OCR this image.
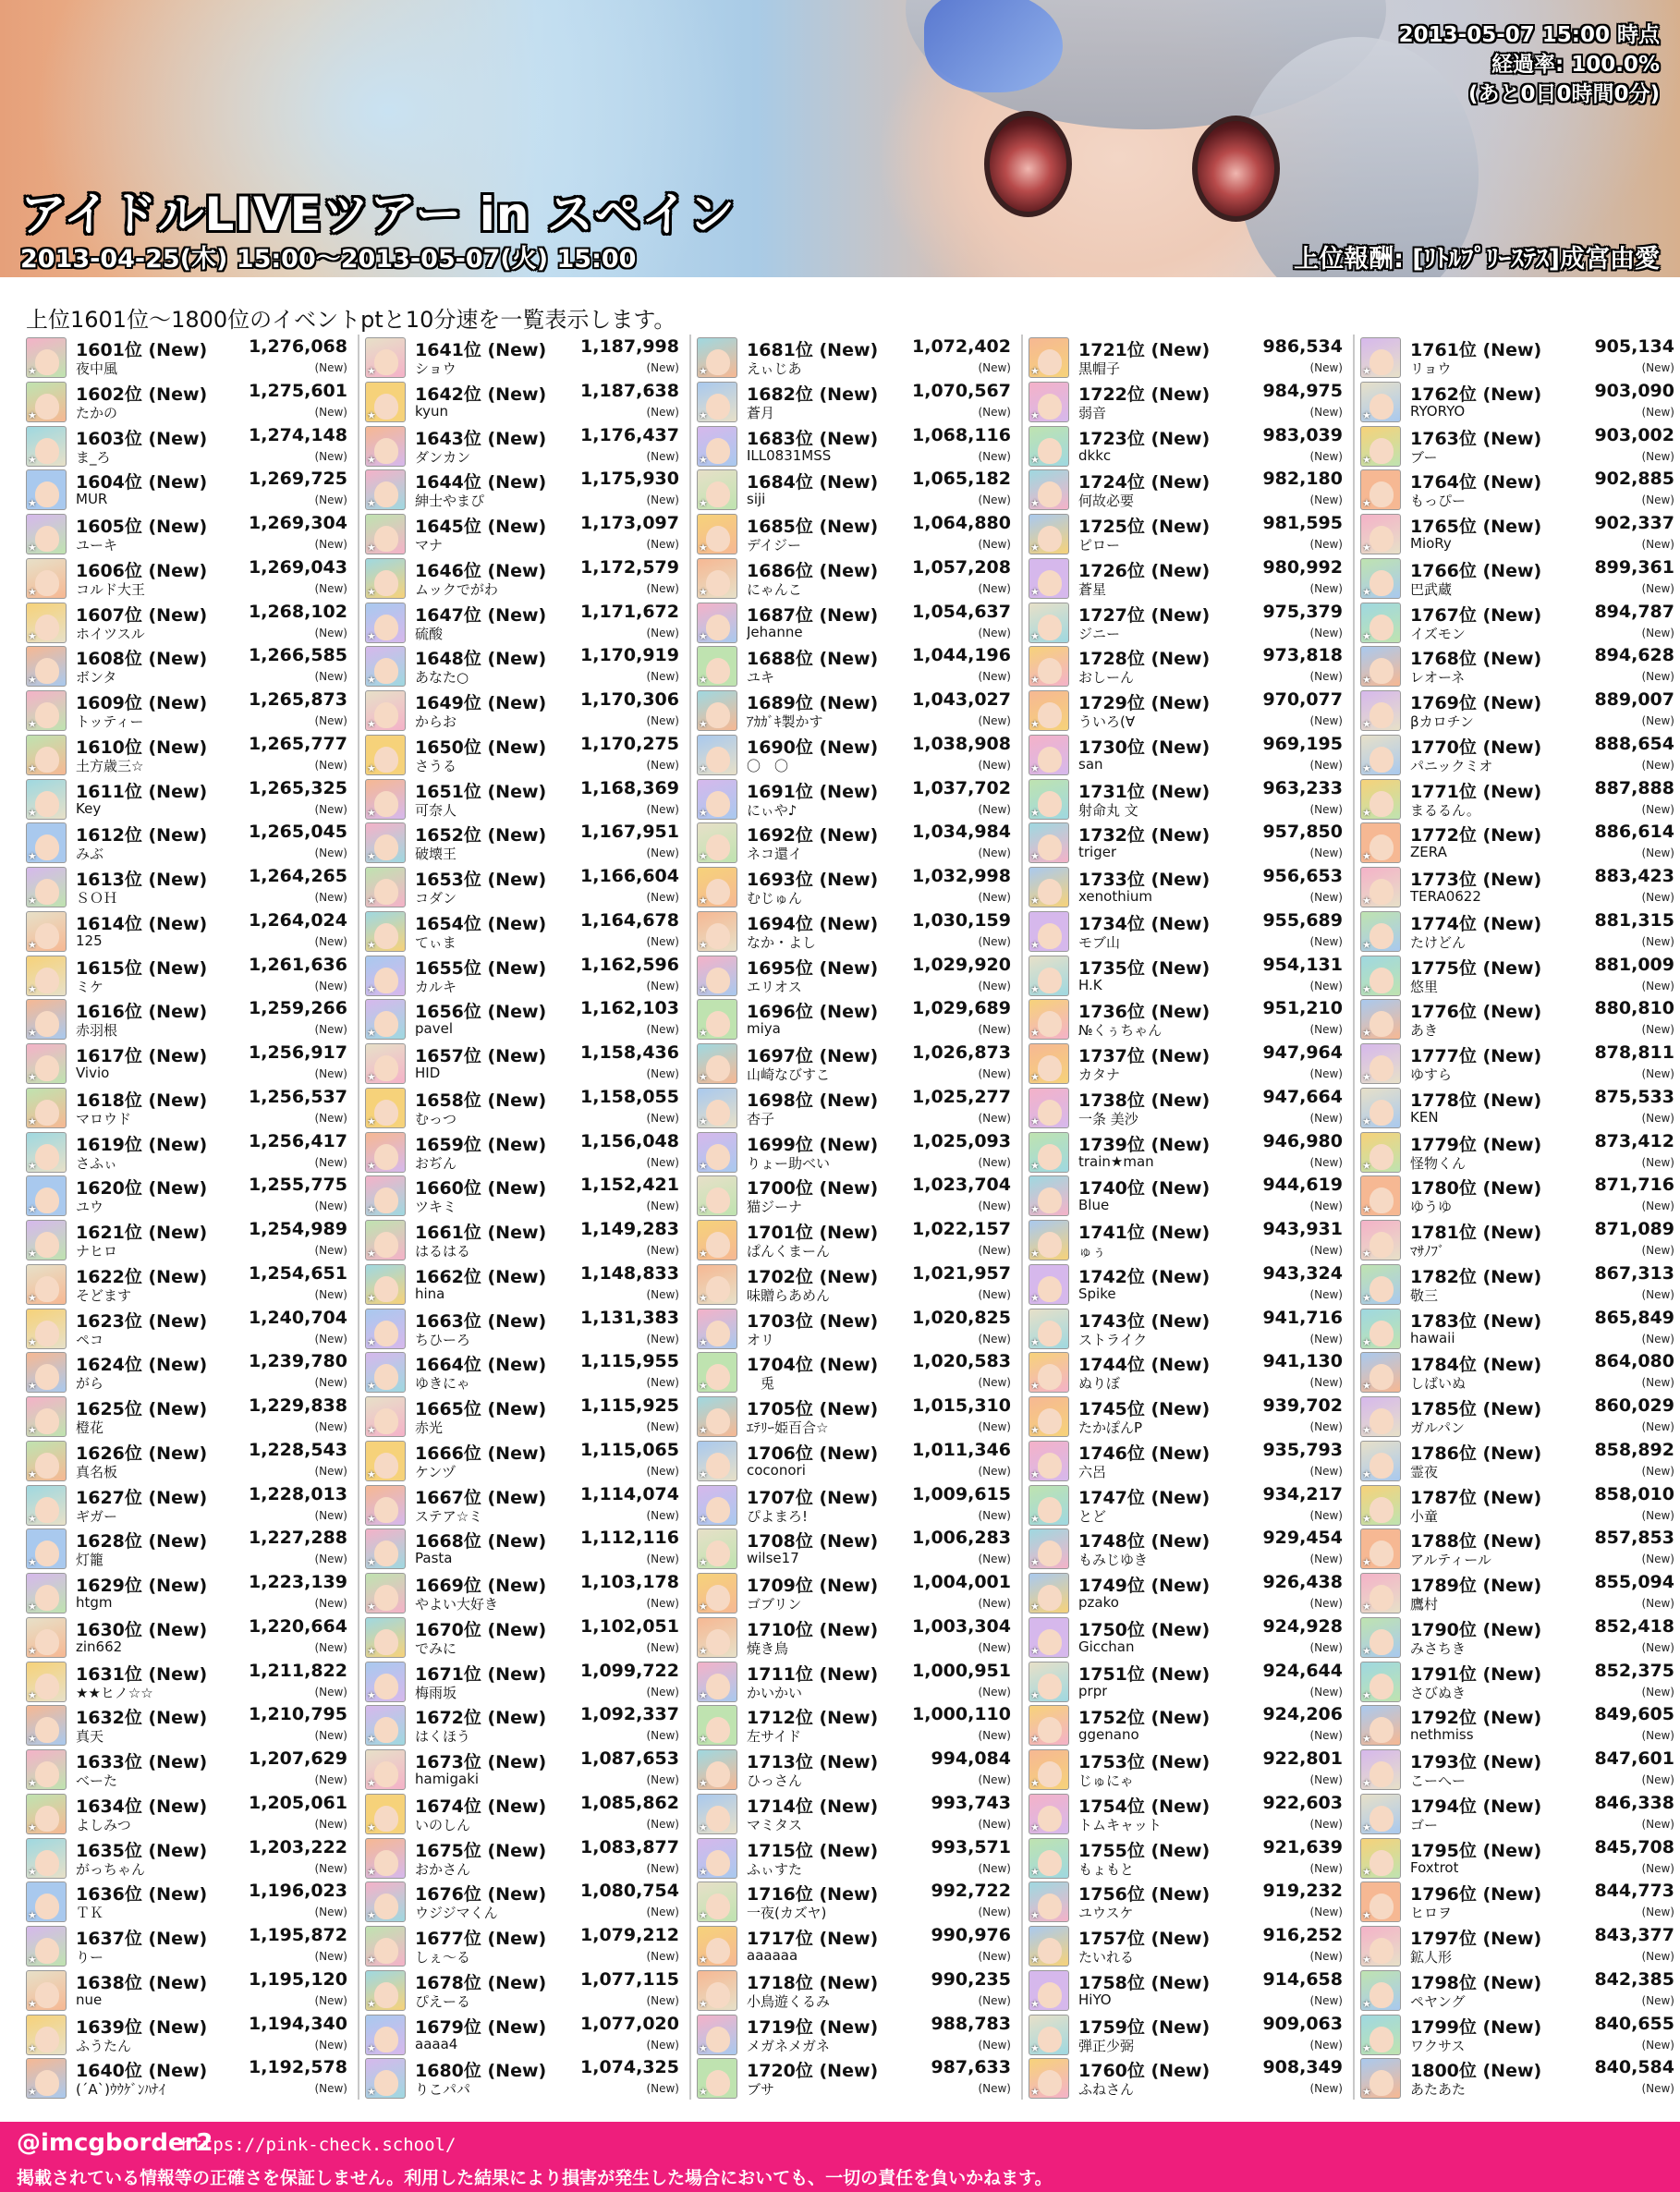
2013-05-07 15:00 時点
経過率: 100.0%
(あと0日0時間0分)
アイドルLIVEツアー in スペイン
2013-04-25(木) 15:00～2013-05-07(火) 15:00	上位報酬: [ﾘﾄﾙﾌﾟﾘｰｽﾃｽ]成宮由愛
上位1601位～1800位のイベントptと10分速を一覧表示します。
★
1601位 (New) 1,276,068
夜中風	(New)
★
1602位 (New) 1,275,601
たかの	(New)
★
1603位 (New) 1,274,148
ま_ろ	(New)
★
1604位 (New) 1,269,725
MUR	(New)
★
1605位 (New) 1,269,304
ユーキ	(New)
★
1606位 (New) 1,269,043
コルド大王	(New)
★
1607位 (New) 1,268,102
ホイツスル	(New)
★
1608位 (New) 1,266,585
ボンタ	(New)
★
1609位 (New) 1,265,873
トッティー	(New)
★
1610位 (New) 1,265,777
土方歳三☆	(New)
★
1611位 (New) 1,265,325
Key	(New)
★
1612位 (New) 1,265,045
みぶ	(New)
★
1613位 (New) 1,264,265
ＳＯＨ	(New)
★
1614位 (New) 1,264,024
125	(New)
★
1615位 (New) 1,261,636
ミケ	(New)
★
1616位 (New) 1,259,266
赤羽根	(New)
★
1617位 (New) 1,256,917
Vivio	(New)
★
1618位 (New) 1,256,537
マロウド	(New)
★
1619位 (New) 1,256,417
さふぃ	(New)
★
1620位 (New) 1,255,775
ユウ	(New)
★
1621位 (New) 1,254,989
ナヒロ	(New)
★
1622位 (New) 1,254,651
そどます	(New)
★
1623位 (New) 1,240,704
ペコ	(New)
★
1624位 (New) 1,239,780
がら	(New)
★
1625位 (New) 1,229,838
橙花	(New)
★
1626位 (New) 1,228,543
真名板	(New)
★
1627位 (New) 1,228,013
ギガー	(New)
★
1628位 (New) 1,227,288
灯籠	(New)
★
1629位 (New) 1,223,139
htgm	(New)
★
1630位 (New) 1,220,664
zin662	(New)
★
1631位 (New) 1,211,822
★★ヒノ☆☆	(New)
★
1632位 (New) 1,210,795
真天	(New)
★
1633位 (New) 1,207,629
べーた	(New)
★
1634位 (New) 1,205,061
よしみつ	(New)
★
1635位 (New) 1,203,222
がっちゃん	(New)
★
1636位 (New) 1,196,023
ＴＫ	(New)
★
1637位 (New) 1,195,872
りー	(New)
★
1638位 (New) 1,195,120
nue	(New)
★
1639位 (New) 1,194,340
ふうたん	(New)
★
1640位 (New) 1,192,578
(´A`)ｳｳｹﾞﾝﾊﾅｲ	(New)
★
1641位 (New) 1,187,998
ショウ	(New)
★
1642位 (New) 1,187,638
kyun	(New)
★
1643位 (New) 1,176,437
ダンカン	(New)
★
1644位 (New) 1,175,930
紳士やまぴ	(New)
★
1645位 (New) 1,173,097
マナ	(New)
★
1646位 (New) 1,172,579
ムックでがわ	(New)
★
1647位 (New) 1,171,672
硫酸	(New)
★
1648位 (New) 1,170,919
あなた○	(New)
★
1649位 (New) 1,170,306
からお	(New)
★
1650位 (New) 1,170,275
さうる	(New)
★
1651位 (New) 1,168,369
可奈人	(New)
★
1652位 (New) 1,167,951
破壊王	(New)
★
1653位 (New) 1,166,604
コダン	(New)
★
1654位 (New) 1,164,678
てぃま	(New)
★
1655位 (New) 1,162,596
カルキ	(New)
★
1656位 (New) 1,162,103
pavel	(New)
★
1657位 (New) 1,158,436
HID	(New)
★
1658位 (New) 1,158,055
むっつ	(New)
★
1659位 (New) 1,156,048
おぢん	(New)
★
1660位 (New) 1,152,421
ツキミ	(New)
★
1661位 (New) 1,149,283
はるはる	(New)
★
1662位 (New) 1,148,833
hina	(New)
★
1663位 (New) 1,131,383
ちひーろ	(New)
★
1664位 (New) 1,115,955
ゆきにゃ	(New)
★
1665位 (New) 1,115,925
赤光	(New)
★
1666位 (New) 1,115,065
ケンヅ	(New)
★
1667位 (New) 1,114,074
ステア☆ミ	(New)
★
1668位 (New) 1,112,116
Pasta	(New)
★
1669位 (New) 1,103,178
やよい大好き	(New)
★
1670位 (New) 1,102,051
でみに	(New)
★
1671位 (New) 1,099,722
梅雨坂	(New)
★
1672位 (New) 1,092,337
はくほう	(New)
★
1673位 (New) 1,087,653
hamigaki	(New)
★
1674位 (New) 1,085,862
いのしん	(New)
★
1675位 (New) 1,083,877
おかさん	(New)
★
1676位 (New) 1,080,754
ウジジマくん	(New)
★
1677位 (New) 1,079,212
しぇ～る	(New)
★
1678位 (New) 1,077,115
ぴえーる	(New)
★
1679位 (New) 1,077,020
aaaa4	(New)
★
1680位 (New) 1,074,325
りこパパ	(New)
★
1681位 (New) 1,072,402
えぃじあ	(New)
★
1682位 (New) 1,070,567
蒼月	(New)
★
1683位 (New) 1,068,116
ILL0831MSS	(New)
★
1684位 (New) 1,065,182
siji	(New)
★
1685位 (New) 1,064,880
デイジー	(New)
★
1686位 (New) 1,057,208
にゃんこ	(New)
★
1687位 (New) 1,054,637
Jehanne	(New)
★
1688位 (New) 1,044,196
ユキ	(New)
★
1689位 (New) 1,043,027
ｱｶｶﾞｷ製かす	(New)
★
1690位 (New) 1,038,908
〇　〇	(New)
★
1691位 (New) 1,037,702
にぃや♪	(New)
★
1692位 (New) 1,034,984
ネコ還イ	(New)
★
1693位 (New) 1,032,998
むじゅん	(New)
★
1694位 (New) 1,030,159
なか・よし	(New)
★
1695位 (New) 1,029,920
エリオス	(New)
★
1696位 (New) 1,029,689
miya	(New)
★
1697位 (New) 1,026,873
山崎なびすこ	(New)
★
1698位 (New) 1,025,277
杏子	(New)
★
1699位 (New) 1,025,093
りょー助べい	(New)
★
1700位 (New) 1,023,704
猫ジーナ	(New)
★
1701位 (New) 1,022,157
ぱんくまーん	(New)
★
1702位 (New) 1,021,957
味贈らあめん	(New)
★
1703位 (New) 1,020,825
オリ	(New)
★
1704位 (New) 1,020,583
　兎	(New)
★
1705位 (New) 1,015,310
ｴﾃﾘｰ姫百合☆	(New)
★
1706位 (New) 1,011,346
coconori	(New)
★
1707位 (New) 1,009,615
ぴよまろ!	(New)
★
1708位 (New) 1,006,283
wilse17	(New)
★
1709位 (New) 1,004,001
ゴブリン	(New)
★
1710位 (New) 1,003,304
焼き鳥	(New)
★
1711位 (New) 1,000,951
かいかい	(New)
★
1712位 (New) 1,000,110
左サイド	(New)
★
1713位 (New)	994,084
ひっさん	(New)
★
1714位 (New)	993,743
マミタス	(New)
★
1715位 (New)	993,571
ふぃすた	(New)
★
1716位 (New)	992,722
一夜(カズヤ)	(New)
★
1717位 (New)	990,976
aaaaaa	(New)
★
1718位 (New)	990,235
小鳥遊くるみ	(New)
★
1719位 (New)	988,783
メガネメガネ	(New)
★
1720位 (New)	987,633
ブサ	(New)
★
1721位 (New)	986,534
黒帽子	(New)
★
1722位 (New)	984,975
弱音	(New)
★
1723位 (New)	983,039
dkkc	(New)
★
1724位 (New)	982,180
何故必要	(New)
★
1725位 (New)	981,595
ピロー	(New)
★
1726位 (New)	980,992
蒼星	(New)
★
1727位 (New)	975,379
ジニー	(New)
★
1728位 (New)	973,818
おしーん	(New)
★
1729位 (New)	970,077
ういろ(∀	(New)
★
1730位 (New)	969,195
san	(New)
★
1731位 (New)	963,233
射命丸 文	(New)
★
1732位 (New)	957,850
triger	(New)
★
1733位 (New)	956,653
xenothium	(New)
★
1734位 (New)	955,689
モブ山	(New)
★
1735位 (New)	954,131
H.K	(New)
★
1736位 (New)	951,210
№くぅちゃん	(New)
★
1737位 (New)	947,964
カタナ	(New)
★
1738位 (New)	947,664
一条 美沙	(New)
★
1739位 (New)	946,980
train★man	(New)
★
1740位 (New)	944,619
Blue	(New)
★
1741位 (New)	943,931
ゅぅ	(New)
★
1742位 (New)	943,324
Spike	(New)
★
1743位 (New)	941,716
ストライク	(New)
★
1744位 (New)	941,130
ぬりぼ	(New)
★
1745位 (New)	939,702
たかぽんP	(New)
★
1746位 (New)	935,793
六呂	(New)
★
1747位 (New)	934,217
とど	(New)
★
1748位 (New)	929,454
もみじゆき	(New)
★
1749位 (New)	926,438
pzako	(New)
★
1750位 (New)	924,928
Gicchan	(New)
★
1751位 (New)	924,644
prpr	(New)
★
1752位 (New)	924,206
ggenano	(New)
★
1753位 (New)	922,801
じゅにゃ	(New)
★
1754位 (New)	922,603
トムキャット	(New)
★
1755位 (New)	921,639
もょもと	(New)
★
1756位 (New)	919,232
ユウスケ	(New)
★
1757位 (New)	916,252
たいれる	(New)
★
1758位 (New)	914,658
HiYO	(New)
★
1759位 (New)	909,063
弾正少弼	(New)
★
1760位 (New)	908,349
ふねさん	(New)
★
1761位 (New)	905,134
リョウ	(New)
★
1762位 (New)	903,090
RYORYO	(New)
★
1763位 (New)	903,002
ブー	(New)
★
1764位 (New)	902,885
もっぴー	(New)
★
1765位 (New)	902,337
MioRy	(New)
★
1766位 (New)	899,361
巴武蔵	(New)
★
1767位 (New)	894,787
イズモン	(New)
★
1768位 (New)	894,628
レオーネ	(New)
★
1769位 (New)	889,007
βカロチン	(New)
★
1770位 (New)	888,654
パニックミオ	(New)
★
1771位 (New)	887,888
まるるん。	(New)
★
1772位 (New)	886,614
ZERA	(New)
★
1773位 (New)	883,423
TERA0622	(New)
★
1774位 (New)	881,315
たけどん	(New)
★
1775位 (New)	881,009
悠里	(New)
★
1776位 (New)	880,810
あき	(New)
★
1777位 (New)	878,811
ゆすら	(New)
★
1778位 (New)	875,533
KEN	(New)
★
1779位 (New)	873,412
怪物くん	(New)
★
1780位 (New)	871,716
ゆうゆ	(New)
★
1781位 (New)	871,089
ﾏｻﾉﾌﾞ	(New)
★
1782位 (New)	867,313
敬三	(New)
★
1783位 (New)	865,849
hawaii	(New)
★
1784位 (New)	864,080
しばいぬ	(New)
★
1785位 (New)	860,029
ガルパン	(New)
★
1786位 (New)	858,892
霊夜	(New)
★
1787位 (New)	858,010
小童	(New)
★
1788位 (New)	857,853
アルティール	(New)
★
1789位 (New)	855,094
鷹村	(New)
★
1790位 (New)	852,418
みさちき	(New)
★
1791位 (New)	852,375
さびぬき	(New)
★
1792位 (New)	849,605
nethmiss	(New)
★
1793位 (New)	847,601
こーへー	(New)
★
1794位 (New)	846,338
ゴー	(New)
★
1795位 (New)	845,708
Foxtrot	(New)
★
1796位 (New)	844,773
ヒロヲ	(New)
★
1797位 (New)	843,377
鉱人形	(New)
★
1798位 (New)	842,385
ペヤング	(New)
★
1799位 (New)	840,655
ワクサス	(New)
★
1800位 (New)	840,584
あたあた	(New)
@imcgborder2
https://pink-check.school/
掲載されている情報等の正確さを保証しません。利用した結果により損害が発生した場合においても、一切の責任を負いかねます。
